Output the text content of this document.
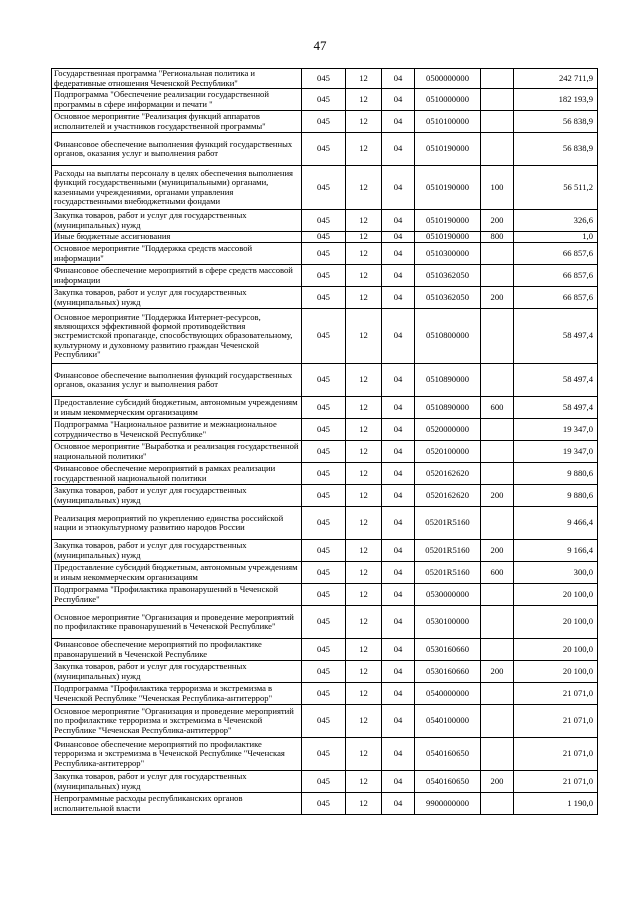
47
Государственная программа "Региональная политика и федеративные отношения Чеченской Республики"	045	12	04	0500000000		242 711,9
Подпрограмма "Обеспечение реализации государственной программы в сфере информации и печати "	045	12	04	0510000000		182 193,9
Основное мероприятие "Реализация функций аппаратов исполнителей и участников государственной программы"	045	12	04	0510100000		56 838,9
Финансовое обеспечение выполнения функций государственных органов, оказания услуг и выполнения работ	045	12	04	0510190000		56 838,9
Расходы на выплаты персоналу в целях обеспечения выполнения функций государственными (муниципальными) органами, казенными учреждениями, органами управления государственными внебюджетными фондами	045	12	04	0510190000	100	56 511,2
Закупка товаров, работ и услуг для государственных (муниципальных) нужд	045	12	04	0510190000	200	326,6
Иные бюджетные ассигнования	045	12	04	0510190000	800	1,0
Основное мероприятие "Поддержка средств массовой информации"	045	12	04	0510300000		66 857,6
Финансовое обеспечение мероприятий в сфере средств массовой информации	045	12	04	0510362050		66 857,6
Закупка товаров, работ и услуг для государственных (муниципальных) нужд	045	12	04	0510362050	200	66 857,6
Основное мероприятие "Поддержка Интернет-ресурсов, являющихся эффективной формой противодействия экстремистской пропаганде, способствующих образовательному, культурному и духовному развитию граждан Чеченской Республики"	045	12	04	0510800000		58 497,4
Финансовое обеспечение выполнения функций государственных органов, оказания услуг и выполнения работ	045	12	04	0510890000		58 497,4
Предоставление субсидий бюджетным, автономным учреждениям и иным некоммерческим организациям	045	12	04	0510890000	600	58 497,4
Подпрограмма "Национальное развитие и межнациональное сотрудничество в Чеченской Республике"	045	12	04	0520000000		19 347,0
Основное мероприятие "Выработка и реализация государственной национальной политики"	045	12	04	0520100000		19 347,0
Финансовое обеспечение мероприятий в рамках реализации государственной национальной политики	045	12	04	0520162620		9 880,6
Закупка товаров, работ и услуг для государственных (муниципальных) нужд	045	12	04	0520162620	200	9 880,6
Реализация мероприятий по укреплению единства российской нации и этнокультурному развитию народов России	045	12	04	05201R5160		9 466,4
Закупка товаров, работ и услуг для государственных (муниципальных) нужд	045	12	04	05201R5160	200	9 166,4
Предоставление субсидий бюджетным, автономным учреждениям и иным некоммерческим организациям	045	12	04	05201R5160	600	300,0
Подпрограмма "Профилактика правонарушений в Чеченской Республике"	045	12	04	0530000000		20 100,0
Основное мероприятие "Организация и проведение мероприятий по профилактике правонарушений в Чеченской Республике"	045	12	04	0530100000		20 100,0
Финансовое обеспечение мероприятий по профилактике правонарушений в Чеченской Республике	045	12	04	0530160660		20 100,0
Закупка товаров, работ и услуг для государственных (муниципальных) нужд	045	12	04	0530160660	200	20 100,0
Подпрограмма "Профилактика терроризма и экстремизма в Чеченской Республике "Чеченская Республика-антитеррор"	045	12	04	0540000000		21 071,0
Основное мероприятие "Организация и проведение мероприятий по профилактике терроризма и экстремизма в Чеченской Республике "Чеченская Республика-антитеррор"	045	12	04	0540100000		21 071,0
Финансовое обеспечение мероприятий по профилактике терроризма и экстремизма в Чеченской Республике "Чеченская Республика-антитеррор"	045	12	04	0540160650		21 071,0
Закупка товаров, работ и услуг для государственных (муниципальных) нужд	045	12	04	0540160650	200	21 071,0
Непрограммные расходы республиканских органов исполнительной власти	045	12	04	9900000000		1 190,0
